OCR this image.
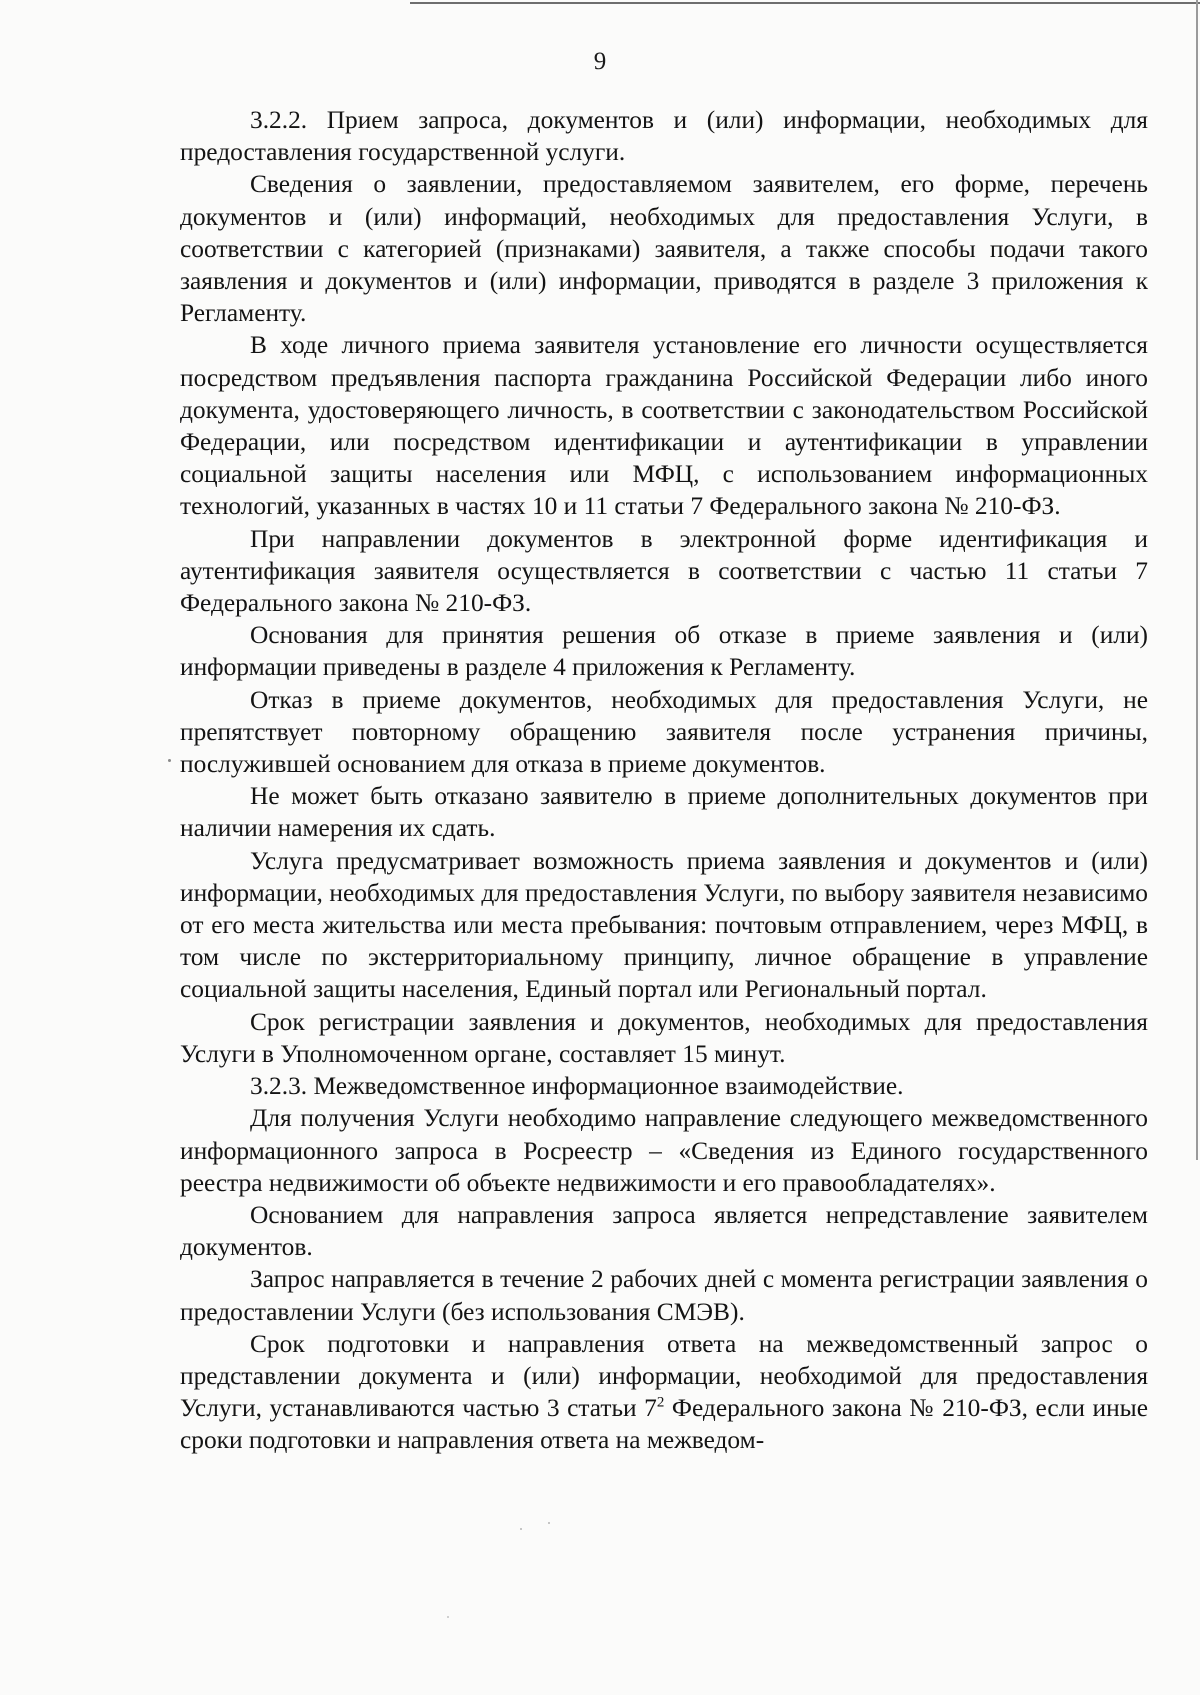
9

3.2.2. Прием запроса, документов и (или) информации, необходимых для предоставления государственной услуги.

Сведения о заявлении, предоставляемом заявителем, его форме, перечень документов и (или) информаций, необходимых для предоставления Услуги, в соответствии с категорией (признаками) заявителя, а также способы подачи такого заявления и документов и (или) информации, приводятся в разделе 3 приложения к Регламенту.

В ходе личного приема заявителя установление его личности осуществляется посредством предъявления паспорта гражданина Российской Федерации либо иного документа, удостоверяющего личность, в соответствии с законодательством Российской Федерации, или посредством идентификации и аутентификации в управлении социальной защиты населения или МФЦ, с использованием информационных технологий, указанных в частях 10 и 11 статьи 7 Федерального закона № 210-ФЗ.

При направлении документов в электронной форме идентификация и аутентификация заявителя осуществляется в соответствии с частью 11 статьи 7 Федерального закона № 210-ФЗ.

Основания для принятия решения об отказе в приеме заявления и (или) информации приведены в разделе 4 приложения к Регламенту.

Отказ в приеме документов, необходимых для предоставления Услуги, не препятствует повторному обращению заявителя после устранения причины, послужившей основанием для отказа в приеме документов.

Не может быть отказано заявителю в приеме дополнительных документов при наличии намерения их сдать.

Услуга предусматривает возможность приема заявления и документов и (или) информации, необходимых для предоставления Услуги, по выбору заявителя независимо от его места жительства или места пребывания: почтовым отправлением, через МФЦ, в том числе по экстерриториальному принципу, личное обращение в управление социальной защиты населения, Единый портал или Региональный портал.

Срок регистрации заявления и документов, необходимых для предоставления Услуги в Уполномоченном органе, составляет 15 минут.

3.2.3. Межведомственное информационное взаимодействие.

Для получения Услуги необходимо направление следующего межведомственного информационного запроса в Росреестр – «Сведения из Единого государственного реестра недвижимости об объекте недвижимости и его правообладателях».

Основанием для направления запроса является непредставление заявителем документов.

Запрос направляется в течение 2 рабочих дней с момента регистрации заявления о предоставлении Услуги (без использования СМЭВ).

Срок подготовки и направления ответа на межведомственный запрос о представлении документа и (или) информации, необходимой для предоставления Услуги, устанавливаются частью 3 статьи $7^2$ Федерального закона № 210-ФЗ, если иные сроки подготовки и направления ответа на межведом-
